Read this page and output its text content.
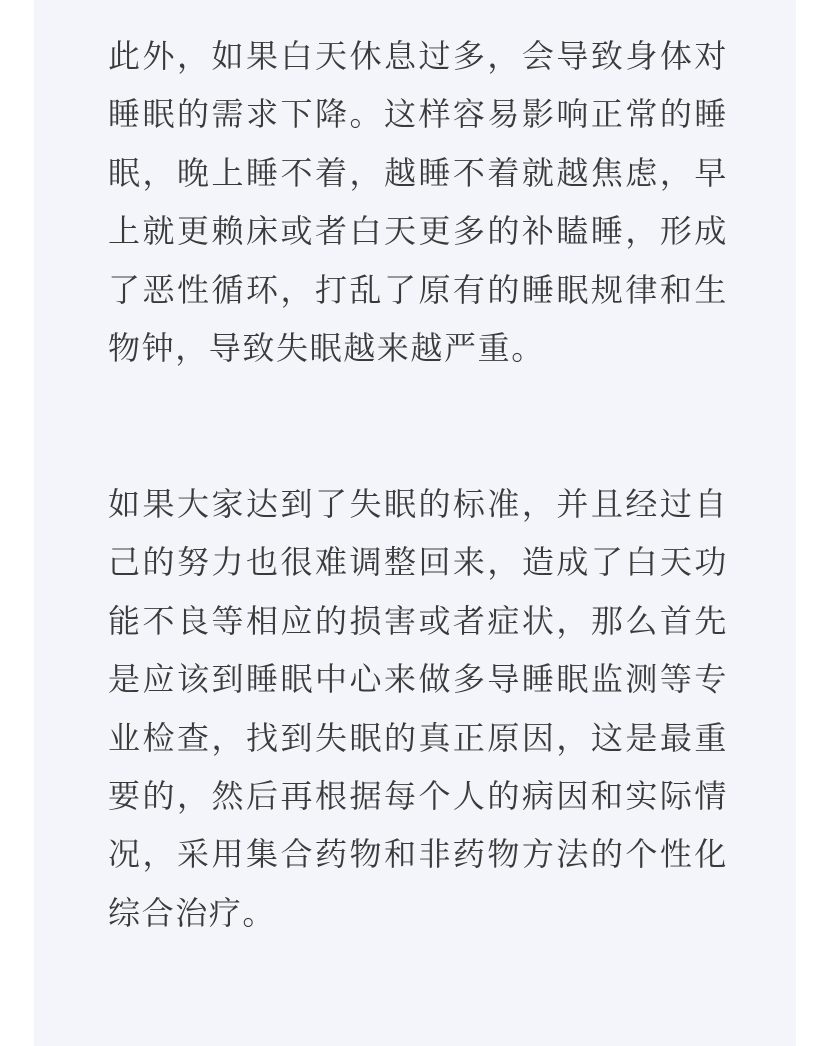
此外，如果白天休息过多，会导致身体对睡眠的需求下降。这样容易影响正常的睡眠，晚上睡不着，越睡不着就越焦虑，早上就更赖床或者白天更多的补瞌睡，形成了恶性循环，打乱了原有的睡眠规律和生物钟，导致失眠越来越严重。

如果大家达到了失眠的标准，并且经过自己的努力也很难调整回来，造成了白天功能不良等相应的损害或者症状，那么首先是应该到睡眠中心来做多导睡眠监测等专业检查，找到失眠的真正原因，这是最重要的，然后再根据每个人的病因和实际情况，采用集合药物和非药物方法的个性化综合治疗。
